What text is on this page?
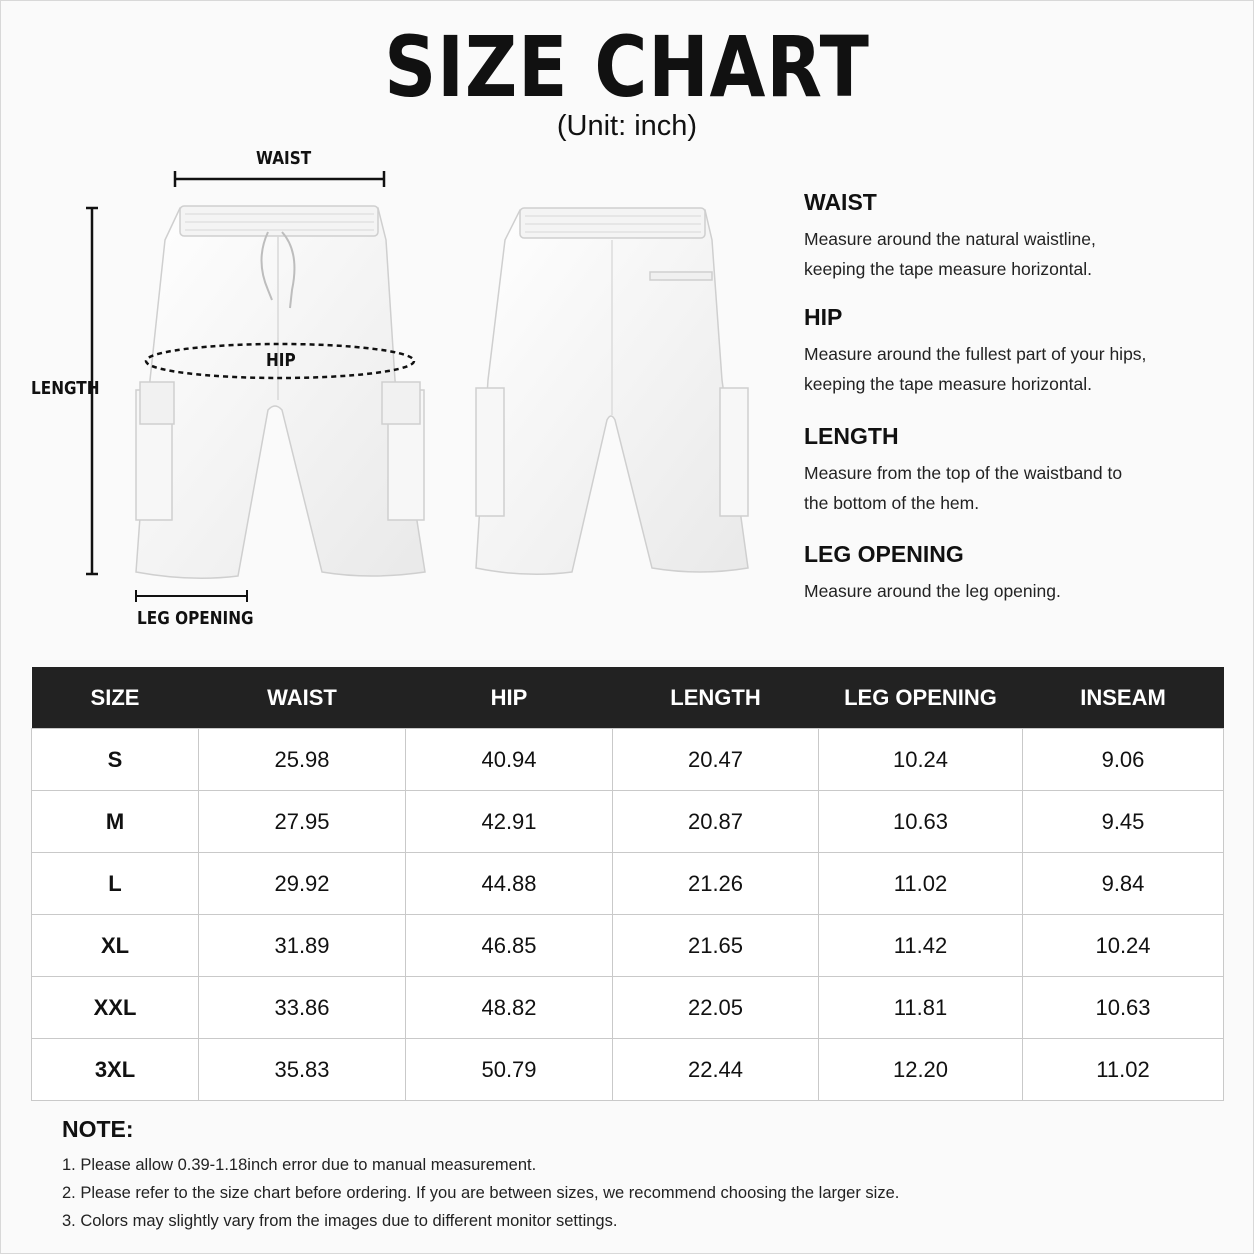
SIZE CHART
(Unit: inch)
WAIST
HIP
LENGTH
LEG OPENING
WAIST

Measure around the natural waistline,

keeping the tape measure horizontal.

HIP

Measure around the fullest part of your hips,

keeping the tape measure horizontal.

LENGTH

Measure from the top of the waistband to

the bottom of the hem.

LEG OPENING

Measure around the leg opening.

SIZE	WAIST	HIP	LENGTH	LEG OPENING	INSEAM
S	25.98	40.94	20.47	10.24	9.06
M	27.95	42.91	20.87	10.63	9.45
L	29.92	44.88	21.26	11.02	9.84
XL	31.89	46.85	21.65	11.42	10.24
XXL	33.86	48.82	22.05	11.81	10.63
3XL	35.83	50.79	22.44	12.20	11.02
NOTE:
1. Please allow 0.39-1.18inch error due to manual measurement.
2. Please refer to the size chart before ordering. If you are between sizes, we recommend choosing the larger size.
3. Colors may slightly vary from the images due to different monitor settings.
